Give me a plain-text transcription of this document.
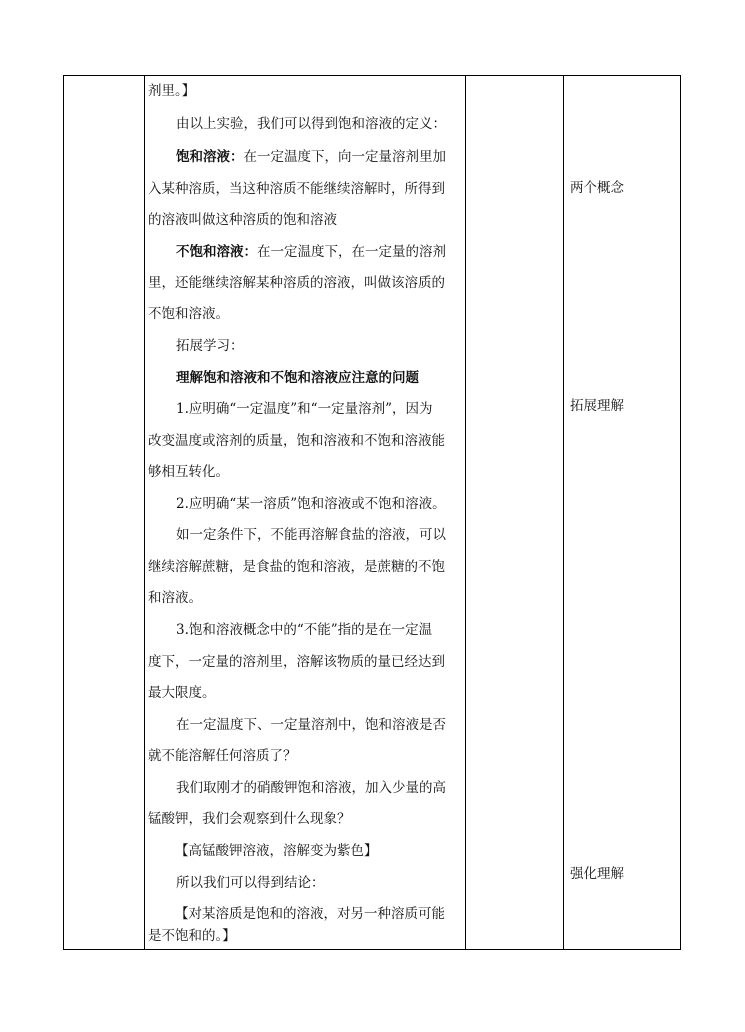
剂里。】
由以上实验，我们可以得到饱和溶液的定义：
饱和溶液：在一定温度下，向一定量溶剂里加
入某种溶质，当这种溶质不能继续溶解时，所得到
的溶液叫做这种溶质的饱和溶液
不饱和溶液：在一定温度下，在一定量的溶剂
里，还能继续溶解某种溶质的溶液，叫做该溶质的
不饱和溶液。
拓展学习：
理解饱和溶液和不饱和溶液应注意的问题
1.应明确“一定温度”和“一定量溶剂”，因为
改变温度或溶剂的质量，饱和溶液和不饱和溶液能
够相互转化。
2.应明确“某一溶质”饱和溶液或不饱和溶液。
如一定条件下，不能再溶解食盐的溶液，可以
继续溶解蔗糖，是食盐的饱和溶液，是蔗糖的不饱
和溶液。
3.饱和溶液概念中的“不能”指的是在一定温
度下，一定量的溶剂里，溶解该物质的量已经达到
最大限度。
在一定温度下、一定量溶剂中，饱和溶液是否
就不能溶解任何溶质了？
我们取刚才的硝酸钾饱和溶液，加入少量的高
锰酸钾，我们会观察到什么现象？
【高锰酸钾溶液，溶解变为紫色】
所以我们可以得到结论：
【对某溶质是饱和的溶液，对另一种溶质可能
是不饱和的。】
两个概念
拓展理解
强化理解
